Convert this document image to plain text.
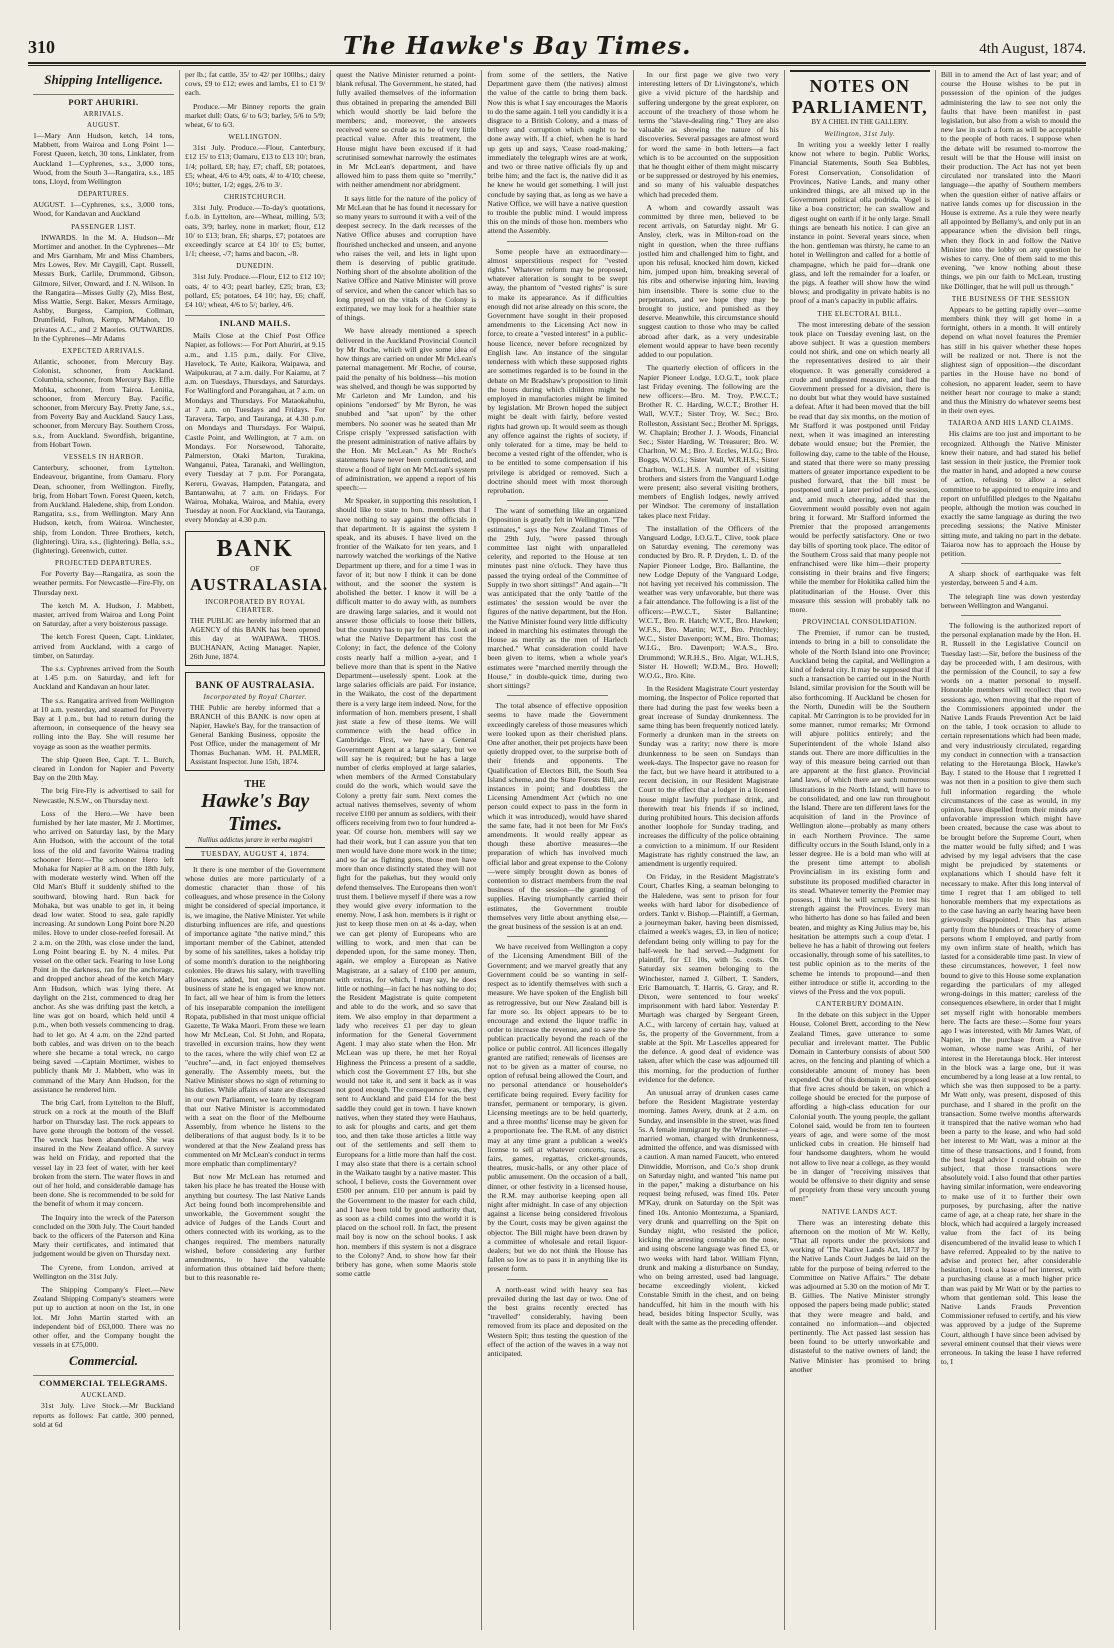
310	The Hawke's Bay Times.	4th August, 1874.
Shipping Intelligence.
PORT AHURIRI.
ARRIVALS.
AUGUST.

1—Mary Ann Hudson, ketch, 14 tons, Mabbett, from Wairoa and Long Point 1—Forest Queen, ketch, 30 tons, Linklater, from Auckland 1—Cyphrenes, s.s., 3,000 tons, Wood, from the South 3—Rangatira, s.s., 185 tons, Lloyd, from Wellington

DEPARTURES.

AUGUST. 1—Cyphrenes, s.s., 3,000 tons, Wood, for Kandavan and Auckland

PASSENGER LIST.

INWARDS. In the M. A. Hudson—Mr Mortimer and another. In the Cyphrenes—Mr and Mrs Garnham, Mr and Miss Chambers, Mrs Lowes, Rev. Mr Caygill, Capt. Russell, Messrs Burk, Carlile, Drummond, Gibson, Gilmore, Silver, Onward, and J. N. Wilson. In the Rangatira—Misses Gully (2), Miss Best, Miss Wattie, Sergt. Baker, Messrs Armitage, Ashby, Burgess, Campion, Collman, Drumfield, Fulton, Kemp, M'Mahon, 10 privates A.C., and 2 Maories. OUTWARDS. In the Cyphrenes—Mr Adams

EXPECTED ARRIVALS.

Atlantic, schooner, from Mercury Bay. Colonist, schooner, from Auckland. Columbia, schooner, from Mercury Bay. Effie Mohka, schooner, from Tairoa. Lenitia, schooner, from Mercury Bay. Pacific, schooner, from Mercury Bay. Pretty Jane, s.s., from Poverty Bay and Auckland. Saucy Lass, schooner, from Mercury Bay. Southern Cross, s.s., from Auckland. Swordfish, brigantine, from Hobart Town.

VESSELS IN HARBOR.

Canterbury, schooner, from Lyttelton. Endeavour, brigantine, from Oamaru. Flory Dean, schooner, from Wellington. Firefly, brig, from Hobart Town. Forest Queen, ketch, from Auckland. Haledene, ship, from London. Rangatira, s.s., from Wellington. Mary Ann Hudson, ketch, from Wairoa. Winchester, ship, from London. Three Brothers, ketch, (lightering). Uira, s.s., (lightering). Bella, s.s., (lightering). Greenwich, cutter.

PROJECTED DEPARTURES.

For Poverty Bay—Rangatira, as soon the weather permits. For Newcastle—Fire-Fly, on Thursday next.

The ketch M. A. Hudson, J. Mabbett, master, arrived from Wairoa and Long Point on Saturday, after a very boisterous passage.

The ketch Forest Queen, Capt. Linklater, arrived from Auckland, with a cargo of timber, on Saturday.

The s.s. Cyphrenes arrived from the South at 1.45 p.m. on Saturday, and left for Auckland and Kandavan an hour later.

The s.s. Rangatira arrived from Wellington at 10 a.m. yesterday, and steamed for Poverty Bay at 1 p.m., but had to return during the afternoon, in consequence of the heavy sea rolling into the Bay. She will resume her voyage as soon as the weather permits.

The ship Queen Bee, Capt. T. L. Burch, cleared in London for Napier and Poverty Bay on the 20th May.

The brig Fire-Fly is advertised to sail for Newcastle, N.S.W., on Thursday next.

Loss of the Hero.—We have been furnished by her late master, Mr J. Mortimer, who arrived on Saturday last, by the Mary Ann Hudson, with the account of the total loss of the old and favorite Wairoa trading schooner Hero:—The schooner Hero left Mohaka for Napier at 8 a.m. on the 18th July, with moderate westerly wind. When off the Old Man's Bluff it suddenly shifted to the southward, blowing hard. Run back for Mohaka, but was unable to get in, it being dead low water. Stood to sea, gale rapidly increasing. At sundown Long Point bore N.20 miles. Hove to under close-reefed foresail. At 2 a.m. on the 20th, was close under the land, Long Point bearing E. by N. 4 miles. Put vessel on the other tack. Fearing to lose Long Point in the darkness, ran for the anchorage, and dropped anchor ahead of the ketch Mary Ann Hudson, which was lying there. At daylight on the 21st, commenced to drag her anchor. As she was drifting past the ketch, a line was got on board, which held until 4 p.m., when both vessels commencing to drag, had to let go. At 4 a.m. on the 22nd parted both cables, and was driven on to the beach where she became a total wreck, no cargo being saved —Captain Mortimer, wishes to publicly thank Mr J. Mabbett, who was in command of the Mary Ann Hudson, for the assistance he rendered him.

The brig Carl, from Lyttelton to the Bluff, struck on a rock at the mouth of the Bluff harbor on Thursday last. The rock appears to have gone through the bottom of the vessel. The wreck has been abandoned. She was insured in the New Zealand office. A survey was held on Friday, and reported that the vessel lay in 23 feet of water, with her keel broken from the stern. The water flows in and out of her hold, and considerable damage has been done. She is recommended to be sold for the benefit of whom it may concern.

The Inquiry into the wreck of the Paterson concluded on the 30th July. The Court handed back to the officers of the Paterson and Kina Mary their certificates, and intimated that judgement would be given on Thursday next.

The Cyrene, from London, arrived at Wellington on the 31st July.

The Shipping Company's Fleet.—New Zealand Shipping Company's steamers were put up to auction at noon on the 1st, in one lot. Mr John Martin started with an independent bid of £63,000. There was no other offer, and the Company bought the vessels in at £75,000.

Commercial.
COMMERCIAL TELEGRAMS.
AUCKLAND.

31st July. Live Stock.—Mr Buckland reports as follows: Fat cattle, 300 penned, sold at 6d

per lb.; fat cattle, 35/ to 42/ per 100lbs.; dairy cows, £9 to £12; ewes and lambs, £1 to £1 9/ each.

Produce.—Mr Binney reports the grain market dull: Oats, 6/ to 6/3; barley, 5/6 to 5/9; wheat, 6/ to 6/3.

WELLINGTON.

31st July. Produce.—Flour, Canterbury, £12 15/ to £13; Oamaru, £13 to £13 10/; bran, 1/4; pollard, £8; hay, £7; chaff, £8; potatoes, £5; wheat, 4/6 to 4/9; oats, 4/ to 4/10; cheese, 10½; butter, 1/2; eggs, 2/6 to 3/.

CHRISTCHURCH.

31st July. Produce.—To-day's quotations, f.o.b. in Lyttelton, are—Wheat, milling, 5/3; oats, 3/9; barley, none in market; flour, £12 10/ to £13; bran, £6; sharps, £7; potatoes are exceedingly scarce at £4 10/ to £5; butter, 1/1; cheese, -/7; hams and bacon, -/8.

DUNEDIN.

31st July. Produce.—Flour, £12 to £12 10/; oats, 4/ to 4/3; pearl barley, £25; bran, £3; pollard, £5; potatoes, £4 10/; hay, £6; chaff, £4 10/; wheat, 4/6 to 5/; barley, 4/6.

INLAND MAILS.

Mails Close at the Chief Post Office Napier, as follows:— For Port Ahuriri, at 9.15 a.m., and 1.15 p.m., daily. For Clive, Havelock, Te Aute, Kaikora, Waipawa, and Waipukurau, at 7 a.m. daily. For Kaiamu, at 7 a.m. on Tuesdays, Thursdays, and Saturdays. For Wallingford and Porangahau, at 7 a.m. on Mondays and Thursdays. For Mataokahuhu, at 7 a.m. on Tuesdays and Fridays. For Taravera, Tarpo, and Tauranga, at 4.30 p.m. on Mondays and Thursdays. For Waipui, Castle Point, and Wellington, at 7 a.m. on Mondays. For Norsewood, Tahoraite, Palmerston, Otaki Marton, Turakina, Wanganui, Patea, Taranaki, and Wellington, every Tuesday at 7 p.m. For Porangata, Kereru, Gwavas, Hampden, Patangata, and Bantanwahu, at 7 a.m. on Fridays. For Wairoa, Mohaka, Wairoa, and Mahia, every Tuesday at noon. For Auckland, via Tauranga, every Monday at 4.30 p.m.

BANK
OF
AUSTRALASIA.
INCORPORATED BY ROYAL CHARTER.
THE PUBLIC are hereby informed that an AGENCY of this BANK has been opened this day at WAIPAWA. THOS. BUCHANAN, Acting Manager. Napier, 26th June, 1874.
BANK OF AUSTRALASIA.
Incorporated by Royal Charter.
THE Public are hereby informed that a BRANCH of this BANK is now open at Napier, Hawke's Bay, for the transaction of General Banking Business, opposite the Post Office, under the management of Mr Thomas Buchanan. WM. H. PALMER, Assistant Inspector. June 15th, 1874.
THE
Hawke's Bay Times.
Nullius addictus jurare in verba magistri
TUESDAY, AUGUST 4, 1874.

It there is one member of the Government whose duties are more particularly of a domestic character than those of his colleagues, and whose presence in the Colony might be considered of special importance, it is, we imagine, the Native Minister. Yet while disturbing influences are rife, and questions of importance agitate "the native mind," this important member of the Cabinet, attended by some of his satellites, takes a holiday trip of some month's duration to the neighboring colonies. He draws his salary, with travelling allowances added, but on what important business of state he is engaged we know not. In fact, all we hear of him is from the letters of his inseparable companion the intelligent Ropata, published in that most unique official Gazette, Te Waka Maori. From these we learn how Mr McLean, Col. St John, and Ropata, travelled in excursion trains, how they went to the races, where the wily chief won £2 at "euchre"—and, in fact enjoyed themselves generally. The Assembly meets, but the Native Minister shows no sign of returning to his duties. While affairs of state are discussed in our own Parliament, we learn by telegram that our Native Minister is accommodated with a seat on the floor of the Melbourne Assembly, from whence he listens to the deliberations of that august body. Is it to be wondered at that the New Zealand press has commented on Mr McLean's conduct in terms more emphatic than complimentary?

But now Mr McLean has returned and taken his place he has treated the House with anything but courtesy. The last Native Lands Act being found both incomprehensible and unworkable, the Government sought the advice of Judges of the Lands Court and others connected with its working, as to the changes required. The members naturally wished, before considering any further amendments, to have the valuable information thus obtained laid before them; but to this reasonable re-

quest the Native Minister returned a point-blank refusal. The Government, he stated, had fully availed themselves of the information thus obtained in preparing the amended Bill which would shortly be laid before the members; and, moreover, the answers received were so crude as to be of very little practical value. After this treatment, the House might have been excused if it had scrutinised somewhat narrowly the estimates in Mr McLean's department, and have allowed him to pass them quite so "merrily," with neither amendment nor abridgment.

It says little for the nature of the policy of Mr McLean that he has found it necessary for so many years to surround it with a veil of the deepest secrecy. In the dark recesses of the Native Office abuses and corruption have flourished unchecked and unseen, and anyone who raises the veil, and lets in light upon them is deserving of public gratitude. Nothing short of the absolute abolition of the Native Office and Native Minister will prove of service, and when the cancer which has so long preyed on the vitals of the Colony is extirpated, we may look for a healthier state of things.

We have already mentioned a speech delivered in the Auckland Provincial Council by Mr Roche, which will give some idea of how things are carried on under Mr McLean's paternal management. Mr Roche, of course, paid the penalty of his boldness—his motion was shelved, and though he was supported by Mr Carleton and Mr Lundon, and his opinions "endorsed" by Mr Byron, he was snubbed and "sat upon" by the other members. No sooner was he seated than Mr Crispe crisply "expressed satisfaction with the present administration of native affairs by the Hon. Mr McLean." As Mr Roche's statements have never been contradicted, and throw a flood of light on Mr McLean's system of administration, we append a report of his speech:—

Mr Speaker, in supporting this resolution, I should like to state to hon. members that I have nothing to say against the officials in that department. It is against the system I speak, and its abuses. I have lived on the frontier of the Waikato for ten years, and I narrowly watched the workings of the Native Department up there, and for a time I was in favor of it; but now I think it can be done without, and the sooner the system is abolished the better. I know it will be a difficult matter to do away with, as numbers are drawing large salaries, and it would not answer those officials to loose their billets, but the country has to pay for all this. Look at what the Native Department has cost the Colony; in fact, the defence of the Colony costs nearly half a million a-year, and I believe more than that is spent in the Native Department—uselessly spent. Look at the large salaries officials are paid. For instance, in the Waikato, the cost of the department there is a very large item indeed. Now, for the information of hon. members present, I shall just state a few of these items. We will commence with the head office in Cambridge. First, we have a General Government Agent at a large salary, but we will say he is required; but he has a large number of clerks employed at large salaries, when members of the Armed Constabulary could do the work, which would save the Colony a pretty fair sum. Next comes the actual natives themselves, seventy of whom receive £100 per annum as soldiers, with their officers receiving from two to four hundred a-year. Of course hon. members will say we had their work, but I can assure you that ten men would have done more work in the time; and so far as fighting goes, those men have more than once distinctly stated they will not fight for the pakehas, but they would only defend themselves. The Europeans then won't trust them. I believe myself if there was a row they would give every information to the enemy. Now, I ask hon. members is it right or just to keep those men on at 4s a-day, when we can get plenty of Europeans who are willing to work, and men that can be depended upon, for the same money. Then, again, we employ a European as Native Magistrate, at a salary of £100 per annum, with extras, for which, I may say, he does little or nothing—in fact he has nothing to do; the Resident Magistrate is quite competent and able to do the work, and so save that item. We also employ in that department a lady who receives £1 per day to glean information for the General Government Agent. I may also state when the Hon. Mr McLean was up there, he met her Royal Highness the Princess a present of a saddle, which cost the Government £7 10s, but she would not take it, and sent it back as it was not good enough. The consequence was, they sent to Auckland and paid £14 for the best saddle they could get in town. I have known natives, when they stated they were Hauhaus, to ask for ploughs and carts, and get them too, and then take those articles a little way out of the settlements and sell them to Europeans for a little more than half the cost. I may also state that there is a certain school in the Waikato taught by a native master. This school, I believe, costs the Government over £500 per annum. £10 per annum is paid by the Government to the master for each child, and I have been told by good authority that, as soon as a child comes into the world it is placed on the school roll. In fact, the present mail boy is now on the school books. I ask hon. members if this system is not a disgrace to the Colony? And, to show how far their bribery has gone, when some Maoris stole some cattle

from some of the settlers, the Native Department gave them (the natives) almost the value of the cattle to bring them back. Now this is what I say encourages the Maoris to do the same again. I tell you candidly it is a disgrace to a British Colony, and a mass of bribery and corruption which ought to be done away with. If a chief, when he is hard up gets up and says, 'Cease road-making,' immediately the telegraph wires are at work, and two or three native officials fly up and bribe him; and the fact is, the native did it as he knew he would get something. I will just conclude by saying that, as long as we have a Native Office, we will have a native question to trouble the public mind. I would impress this on the minds of those hon. members who attend the Assembly.

Some people have an extraordinary—almost superstitious respect for "vested rights." Whatever reform may be proposed, whatever alteration is sought to be swept away, the phantom of "vested rights" is sure to make its appearance. As if difficulties enough did not arise already on this score, the Government have sought in their proposed amendments to the Licensing Act now in force, to create a "vested interest" in a public-house licence, never before recognized by English law. An instance of the singular tenderness with which these supposed rights are sometimes regarded is to be found in the debate on Mr Bradshaw's proposition to limit the hours during which children might be employed in manufactories might be limited by legislation. Mr Brown hoped the subject might be dealt with fairly, before vested rights had grown up. It would seem as though any offence against the rights of society, if only tolerated for a time, may be held to become a vested right of the offender, who is to be entitled to some compensation if his privilege is abridged or removed. Such a doctrine should meet with most thorough reprobation.

The want of something like an organized Opposition is greatly felt in Wellington. "The estimates," says the New Zealand Times of the 29th July, "were passed through committee last night with unparalleled celerity, and reported to the House at ten minutes past nine o'clock. They have thus passed the trying ordeal of the Committee of Supply in two short sittings!" And again—"It was anticipated that the only 'battle of the estimates' the session would be over the figures of the native department, but the Hon. the Native Minister found very little difficulty indeed in marching his estimates through the House as merrily as the men of Harlech marched." What consideration could have been given to items, when a whole year's estimates were "marched merrily through the House," in double-quick time, during two short sittings?

The total absence of effective opposition seems to have made the Government exceedingly careless of those measures which were looked upon as their cherished plans. One after another, their pet projects have been quietly dropped over, to the surprise both of their friends and opponents. The Qualification of Electors Bill, the South Sea Island scheme, and the State Forests Bill, are instances in point; and doubtless the Licensing Amendment Act (which no one person could expect to pass in the form in which it was introduced), would have shared the same fate, had it not been for Mr Fox's amendments. It would really appear as though these abortive measures—the preparation of which has involved much official labor and great expense to the Colony—were simply brought down as bones of contention to distract members from the real business of the session—the granting of supplies. Having triumphantly carried their estimates, the Government trouble themselves very little about anything else,—the great business of the session is at an end.

We have received from Wellington a copy of the Licensing Amendment Bill of the Government; and we marvel greatly that any Government could be so wanting in self-respect as to identify themselves with such a measure. We have spoken of the English bill as retrogressive, but our New Zealand bill is far more so. Its object appears to be to encourage and extend the liquor traffic in order to increase the revenue, and to save the publican practically beyond the reach of the police or public control. All licences illegally granted are ratified; renewals of licenses are not to be given as a matter of course, no option of refusal being allowed the Court, and no personal attendance or householder's certificate being required. Every facility for transfer, permanent or temporary, is given. Licensing meetings are to be held quarterly, and a three months' license may be given for a proportionate fee. The R.M. of any district may at any time grant a publican a week's license to sell at whatever concerts, races, fairs, games, regattas, cricket-grounds, theatres, music-halls, or any other place of public amusement. On the occasion of a ball, dinner, or other festivity in a licensed house, the R.M. may authorise keeping open all night after midnight. In case of any objection against a license being considered frivolous by the Court, costs may be given against the objector. The Bill might have been drawn by a committee of wholesale and retail liquor-dealers; but we do not think the House has fallen so low as to pass it in anything like its present form.

A north-east wind with heavy sea has prevailed during the last day or two. One of the best grains recently erected has "travelled" considerably, having been removed from its place and deposited on the Western Spit; thus testing the question of the effect of the action of the waves in a way not anticipated.

In our first page we give two very interesting letters of Dr Livingstone's, which give a vivid picture of the hardship and suffering undergone by the great explorer, on account of the treachery of those whom he terms the "slave-dealing ring." They are also valuable as showing the nature of his discoveries. Several passages are almost word for word the same in both letters—a fact which is to be accounted on the supposition that he thought either of them might miscarry or be suppressed or destroyed by his enemies, and so many of his valuable despatches which had preceded them.

A whom and cowardly assault was committed by three men, believed to be recent arrivals, on Saturday night. Mr G. Ansley, clerk, was in Milton-road on the night in question, when the three ruffians jostled him and challenged him to fight, and upon his refusal, knocked him down, kicked him, jumped upon him, breaking several of his ribs and otherwise injuring him, leaving him insensible. There is some clue to the perpetrators, and we hope they may be brought to justice, and punished as they deserve. Meanwhile, this circumstance should suggest caution to those who may be called abroad after dark, as a very undesirable element would appear to have been recently added to our population.

The quarterly election of officers in the Napier Pioneer Lodge, I.O.G.T., took place last Friday evening. The following are the new officers:—Bro. M. Troy, P.W.C.T.; Brother R. C. Harding, W.C.T.; Brother H. Wall, W.V.T.; Sister Troy, W. Sec.; Bro. Rolleston, Assistant Sec.; Brother M. Spriggs, W. Chaplain; Brother J. J. Woods, Financial Sec.; Sister Harding, W. Treasurer; Bro. W. Charlton, W. M.; Bro. J. Eccles, W.I.G.; Bro. Boggs, W.O.G.; Sister Wall, W.R.H.S.; Sister Charlton, W.L.H.S. A number of visiting brothers and sisters from the Vanguard Lodge were present; also several visiting brothers, members of English lodges, newly arrived per Windsor. The ceremony of installation takes place next Friday.

The installation of the Officers of the Vanguard Lodge, I.O.G.T., Clive, took place on Saturday evening. The ceremony was conducted by Bro. R. P. Dryden, L. D. of the Napier Pioneer Lodge, Bro. Ballantine, the new Lodge Deputy of the Vanguard Lodge, not having yet received his commission. The weather was very unfavorable, but there was a fair attendance. The following is a list of the officers:—P.W.C.T., Sister Ballantine; W.C.T., Bro. R. Hatch; W.V.T., Bro. Hawken; W.F.S., Bro. Martin; W.T., Bro. Pritchley; W.C., Sister Davenport; W.M., Bro. Thomas; W.I.G., Bro. Davenport; W.A.S., Bro. Drummond; W.R.H.S., Bro. Algar, W.L.H.S, Sister H. Howell; W.D.M., Bro. Howell; W.O.G., Bro. Kite.

In the Resident Magistrate Court yesterday morning, the Inspector of Police reported that there had during the past few weeks been a great increase of Sunday drunkenness. The same thing has been frequently noticed lately. Formerly a drunken man in the streets on Sunday was a rarity; now there is more drunkenness to be seen on Sundays than week-days. The Inspector gave no reason for the fact, but we have heard it attributed to a recent decision, in our Resident Magistrate Court to the effect that a lodger in a licensed house might lawfully purchase drink, and therewith treat his friends if so inclined, during prohibited hours. This decision affords another loophole for Sunday trading, and increases the difficulty of the police obtaining a conviction to a minimum. If our Resident Magistrate has rightly construed the law, an amendment is urgently required.

On Friday, in the Resident Magistrate's Court, Charles King, a seaman belonging to the Haledene, was sent to prison for four weeks with hard labor for disobedience of orders. Tankt v. Bishop.—Plaintiff, a German, a journeyman baker, having been dismissed, claimed a week's wages, £3, in lieu of notice; defendant being only willing to pay for the half-week he had served.—Judgment for plaintiff, for £1 10s, with 5s. costs. On Saturday six seamen belonging to the Winchester, named J. Gilbert, T. Sanders, Eric Bamouatch, T. Harris, G. Gray, and R. Dixon, were sentenced to four weeks' imprisonment with hard labor. Yesterday P. Murtagh was charged by Sergeant Green, A.C., with larceny of certain hay, valued at 5s, the property of the Government, from a stable at the Spit. Mr Lascelles appeared for the defence. A good deal of evidence was taken, after which the case was adjourned till this morning, for the production of further evidence for the defence.

An unusual array of drunken cases came before the Resident Magistrate yesterday morning. James Avery, drunk at 2 a.m. on Sunday, and insensible in the street, was fined 5s. A female immigrant by the Winchester—a married woman, charged with drunkenness, admitted the offence, and was dismissed with a caution. A man named Faucett, who entered Dinwiddie, Morrison, and Co.'s shop drunk on Saturday night, and wanted "his name put in the paper," making a disturbance on his request being refused, was fined 10s. Peter M'Kay, drunk on Saturday on the Spit was fined 10s. Antonio Montezuma, a Spaniard, very drunk and quarrelling on the Spit on Sunday night, who resisted the police, kicking the arresting constable on the nose, and using obscene language was fined £3, or two weeks with hard labor. William Flynn, drunk and making a disturbance on Sunday, who on being arrested, used bad language, became exceedingly violent, kicked Constable Smith in the chest, and on being handcuffed, hit him in the mouth with his head, besides biting Inspector Scully, was dealt with the same as the preceding offender.

NOTES ON PARLIAMENT,
BY A CHIEL IN THE GALLERY.
Wellington, 31st July.

In writing you a weekly letter I really know not where to begin. Public Works, Financial Statements, South Sea Bubbles, Forest Conservation, Consolidation of Provinces, Native Lands, and many other unkindred things, are all mixed up in the Government political olla podrida. Vogel is like a boa constrictor; he can swallow and digest ought on earth if it be only large. Small things are beneath his notice. I can give an instance in point. Several years since, when the hon. gentleman was thirsty, he came to an hotel in Wellington and called for a bottle of champagne, which he paid for—drank one glass, and left the remainder for a loafer, or the pigs. A feather will show how the wind blows; and prodigality in private habits is no proof of a man's capacity in public affairs.

THE ELECTORAL BILL.

The most interesting debate of the session took place on Tuesday evening last, on the above subject. It was a question members could not shirk, and one on which nearly all the representatives desired to air their eloquence. It was generally considered a crude and undigested measure, and had the Government pressed for a division, there is no doubt but what they would have sustained a defeat. After it had been moved that the bill be read that day six months, on the motion of Mr Stafford it was postponed until Friday next, when it was imagined an interesting debate would ensue; but the Premier, the following day, came to the table of the House, and stated that there were so many pressing matters of greater importance expedient to be pushed forward, that the bill must be postponed until a later period of the session, and, amid much cheering, added that the Government would possibly even not again bring it forward. Mr Stafford informed the Premier that the proposed arrangements would be perfectly satisfactory. One or two day bills of sporting took place. The editor of the Southern Cross said that many people not enfranchised were like him—their property consisting in their brains and five fingers; while the member for Hokitika called him the platitudinarian of the House. Over this measure this session will probably talk no more.

PROVINCIAL CONSOLIDATION.

The Premier, if rumor can be trusted, intends to bring in a bill to consolidate the whole of the North Island into one Province; Auckland being the capital, and Wellington a kind of federal city. It may be supposed that if such a transaction be carried out in the North Island, similar provision for the South will be also forthcoming. If Auckland be chosen for the North, Dunedin will be the Southern capital. Mr Carrington is to be provided for in some manner, rumor remarks; Mr Ormond will abjure politics entirely; and the Superintendent of the whole Island also stands out. There are more difficulties in the way of this measure being carried out than are apparent at the first glance. Provincial land laws, of which there are such numerous illustrations in the North Island, will have to be consolidated, and one law run throughout the Island. There are ten different laws for the acquisition of land in the Province of Wellington alone—probably as many others in each Northern Province. The same difficulty occurs in the South Island, only in a lesser degree. He is a bold man who will at the present time attempt to abolish Provincialism in its existing form and substitute its proposed modified character in its stead. Whatever temerity the Premier may possess, I think he will scruple to test his strength against the Provinces. Every man who hitherto has done so has failed and been beaten, and mighty as King Julius may be, his hesitation be attempts such a coup d'etat. I believe he has a habit of throwing out feelers occasionally, through some of his satellites, to test public opinion as to the merits of the scheme he intends to propound—and then either introduce or stifle it, according to the views of the Press and the vox populi.

CANTERBURY DOMAIN.

In the debate on this subject in the Upper House, Colonel Brett, according to the New Zealand Times, gave utterance to some peculiar and irrelevant matter. The Public Domain in Canterbury consists of about 500 acres, on the fencing and planting of which a considerable amount of money has been expended. Out of this domain it was proposed that five acres should be taken, on which a college should be erected for the purpose of affording a high-class education for our Colonial youth. The young people, the gallant Colonel said, would be from ten to fourteen years of age, and were some of the most unlicked cubs in creation. He himself had four handsome daughters, whom he would not allow to live near a college, as they would be in danger of "receiving missives that would be offensive to their dignity and sense of propriety from these very uncouth young men!"

NATIVE LANDS ACT.

There was an interesting debate this afternoon on the motion of Mr W. Kelly, "That all reports under the provisions and working of 'The Native Lands Act, 1873' by the Native Lands Court Judges be laid on the table for the purpose of being referred to the Committee on Native Affairs." The debate was adjourned at 5.30 on the motion of Mr T. B. Gillies. The Native Minister strongly opposed the papers being made public; stated that they were meagre and bald, and contained no information—and objected pertinently. The Act passed last session has been found to be utterly unworkable and distasteful to the native owners of land; the Native Minister has promised to bring another

Bill in to amend the Act of last year; and of course the House wishes to be put in possession of the opinion of the judges administering the law to see not only the faults that have been manifest in past legislation, but also from a wish to mould the new law in such a form as will be acceptable to the people of both races. I suppose when the debate will be resumed to-morrow the result will be that the House will insist on their production. The Act has not yet been circulated nor translated into the Maori language—the apathy of Southern members when the question either of native affairs or native lands comes up for discussion in the House is extreme. As a rule they were nearly all appointed by Bellamy's, and only put in an appearance when the division bell rings, when they flock in and follow the Native Minister into the lobby on any question he wishes to carry. One of them said to me this evening, "we know nothing about these things, we pin our faith to McLean, trusting like Döllinger, that he will pull us through."

THE BUSINESS OF THE SESSION

Appears to be getting rapidly over—some members think they will get home in a fortnight, others in a month. It will entirely depend on what novel features the Premier has still in his quiver whether these hopes will be realized or not. There is not the slightest sign of opposition—the discordant parties in the House have no bond of cohesion, no apparent leader, seem to have neither heart nor courage to make a stand; and thus the Ministry do whatever seems best in their own eyes.

TAIAROA AND HIS LAND CLAIMS.

His claims are too just and important to be recognized. Although the Native Minister knew their nature, and had stated his belief last session in their justice, the Premier took the matter in hand, and adopted a new course of action, refusing to allow a select committee to be appointed to enquire into and report on unfulfilled pledges to the Ngaitahu people, although the motion was couched in exactly the same language as during the two preceding sessions; the Native Minister sitting mute, and taking no part in the debate. Taiaroa now has to approach the House by petition.

A sharp shock of earthquake was felt yesterday, between 5 and 4 a.m.

The telegraph line was down yesterday between Wellington and Wanganui.

The following is the authorized report of the personal explanation made by the Hon. H. R. Russell in the Legislative Council on Tuesday last:—Sir, before the business of the day be proceeded with, I am desirous, with the permission of the Council, to say a few words on a matter personal to myself. Honorable members will recollect that two sessions ago, when moving that the report of the Commissioners appointed under the Native Lands Frauds Prevention Act be laid on the table, I took occasion to allude to certain representations which had been made, and very industriously circulated, regarding my conduct in connection with a transaction relating to the Heretaunga Block, Hawke's Bay. I stated to the House that I regretted I was not then in a position to give them such full information regarding the whole circumstances of the case as would, in my opinion, have dispelled from their minds any unfavorable impression which might have been created, because the case was about to be brought before the Supreme Court, when the matter would be fully sifted; and I was advised by my legal advisers that the case might be prejudiced by statements or explanations which I should have felt it necessary to make. After this long interval of time I regret that I am obliged to tell honorable members that my expectations as to the case having an early hearing have been grievously disappointed. This has arisen partly from the blunders or treachery of some persons whom I employed, and partly from my own infirm state of health, which has lasted for a considerable time past. In view of these circumstances, however, I feel now bound to give to this House some explanation regarding the particulars of my alleged wrong-doings in this matter; careless of the consequences elsewhere, in order that I might set myself right with honorable members here. The facts are these:—Some four years ago I was interested, with Mr James Watt, of Napier, in the purchase from a Native woman, whose name was Arihi, of her interest in the Heretaunga block. Her interest in the block was a large one, but it was encumbered by a long lease at a low rental, to which she was then supposed to be a party. Mr Watt only, was present, disposed of this purchase, and I shared in the profit on the transaction. Some twelve months afterwards it transpired that the native woman who had been a party to the lease, and who had sold her interest to Mr Watt, was a minor at the time of these transactions, and I found, from the best legal advice I could obtain on the subject, that those transactions were absolutely void. I also found that other parties having similar information, were endeavoring to make use of it to further their own purposes, by purchasing, after the native came of age, at a cheap rate, her share in the block, which had acquired a largely increased value from the fact of its being disencumbered of the invalid lease to which I have referred. Appealed to by the native to advise and protect her, after considerable hesitation, I took a lease of her interest, with a purchasing clause at a much higher price than was paid by Mr Watt or by the parties to whom that gentleman sold. This lease the Native Lands Frauds Prevention Commissioner refused to certify, and his view was approved by a judge of the Supreme Court, although I have since been advised by several eminent counsel that their views were erroneous. In taking the lease I have referred to, I
